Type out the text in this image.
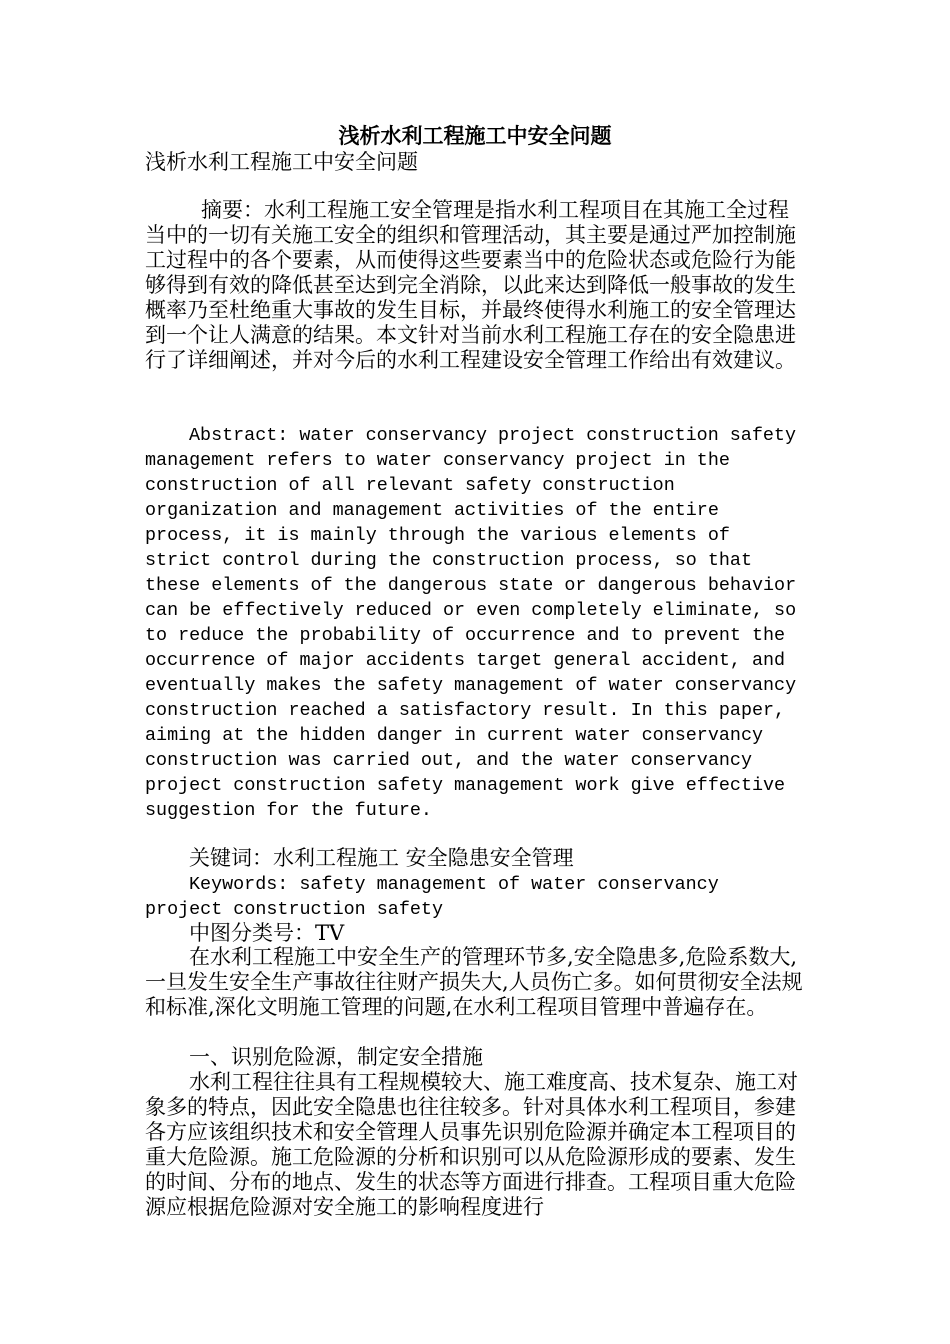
浅析水利工程施工中安全问题

浅析水利工程施工中安全问题

摘要：水利工程施工安全管理是指水利工程项目在其施工全过程当中的一切有关施工安全的组织和管理活动，其主要是通过严加控制施工过程中的各个要素，从而使得这些要素当中的危险状态或危险行为能够得到有效的降低甚至达到完全消除，以此来达到降低一般事故的发生概率乃至杜绝重大事故的发生目标，并最终使得水利施工的安全管理达到一个让人满意的结果。本文针对当前水利工程施工存在的安全隐患进行了详细阐述，并对今后的水利工程建设安全管理工作给出有效建议。

Abstract: water conservancy project construction safety management refers to water conservancy project in the construction of all relevant safety construction organization and management activities of the entire process, it is mainly through the various elements of strict control during the construction process, so that these elements of the dangerous state or dangerous behavior can be effectively reduced or even completely eliminate, so to reduce the probability of occurrence and to prevent the occurrence of major accidents target general accident, and eventually makes the safety management of water conservancy construction reached a satisfactory result. In this paper, aiming at the hidden danger in current water conservancy construction was carried out, and the water conservancy project construction safety management work give effective suggestion for the future.

关键词：水利工程施工 安全隐患安全管理

Keywords: safety management of water conservancy project construction safety

中图分类号：TV

在水利工程施工中安全生产的管理环节多,安全隐患多,危险系数大,一旦发生安全生产事故往往财产损失大,人员伤亡多。如何贯彻安全法规和标准,深化文明施工管理的问题,在水利工程项目管理中普遍存在。

一、识别危险源，制定安全措施

水利工程往往具有工程规模较大、施工难度高、技术复杂、施工对象多的特点，因此安全隐患也往往较多。针对具体水利工程项目，参建各方应该组织技术和安全管理人员事先识别危险源并确定本工程项目的重大危险源。施工危险源的分析和识别可以从危险源形成的要素、发生的时间、分布的地点、发生的状态等方面进行排查。工程项目重大危险源应根据危险源对安全施工的影响程度进行
